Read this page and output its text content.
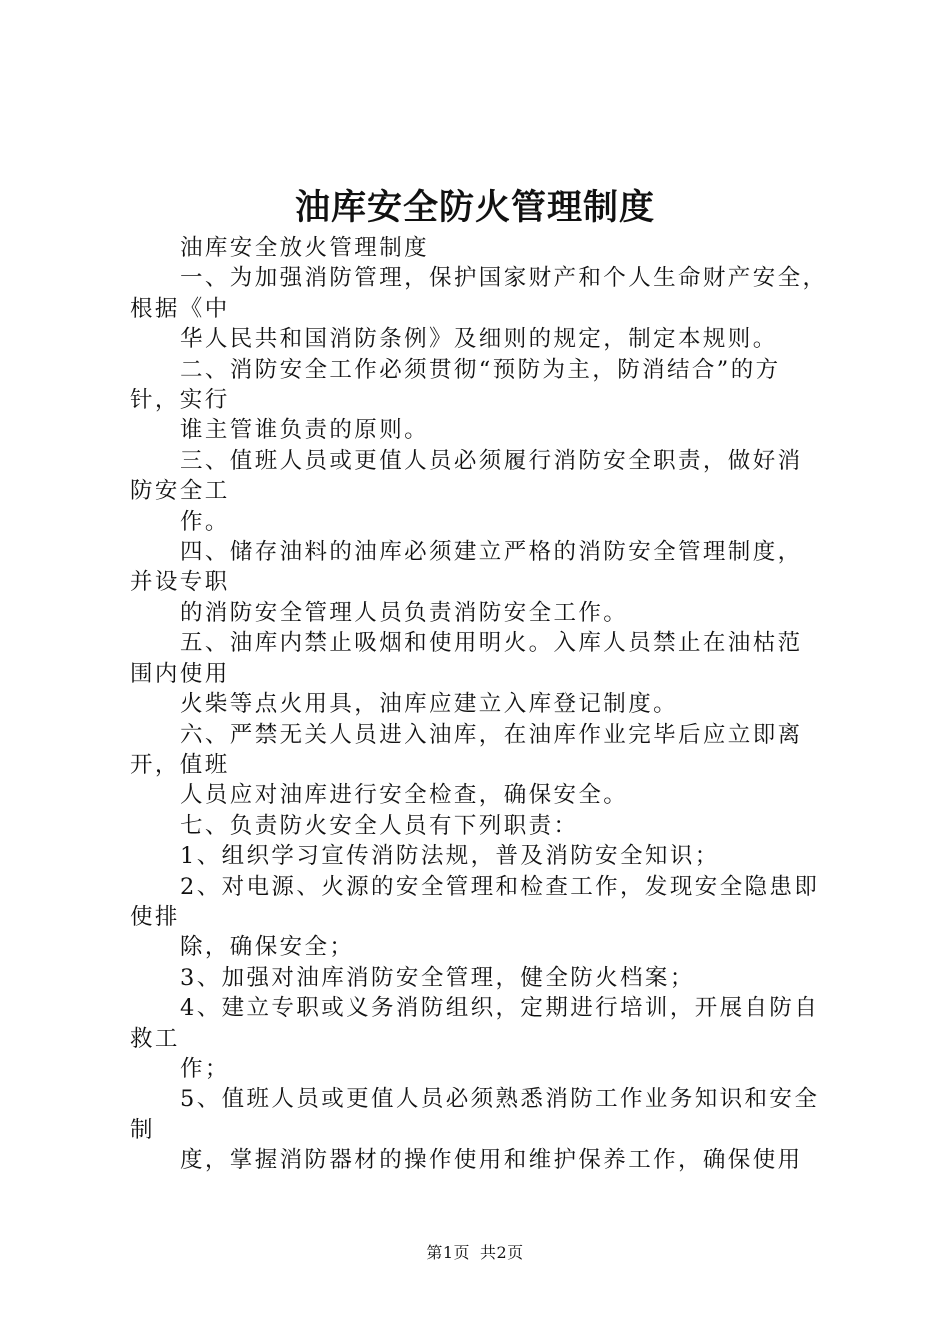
油库安全防火管理制度

油库安全放火管理制度

一、为加强消防管理，保护国家财产和个人生命财产安全，

根据《中

华人民共和国消防条例》及细则的规定，制定本规则。

二、消防安全工作必须贯彻“预防为主，防消结合”的方

针，实行

谁主管谁负责的原则。

三、值班人员或更值人员必须履行消防安全职责，做好消

防安全工

作。

四、储存油料的油库必须建立严格的消防安全管理制度，

并设专职

的消防安全管理人员负责消防安全工作。

五、油库内禁止吸烟和使用明火。入库人员禁止在油枯范

围内使用

火柴等点火用具，油库应建立入库登记制度。

六、严禁无关人员进入油库，在油库作业完毕后应立即离

开，值班

人员应对油库进行安全检查，确保安全。

七、负责防火安全人员有下列职责：

1、组织学习宣传消防法规，普及消防安全知识；

2、对电源、火源的安全管理和检查工作，发现安全隐患即

使排

除，确保安全；

3、加强对油库消防安全管理，健全防火档案；

4、建立专职或义务消防组织，定期进行培训，开展自防自

救工

作；

5、值班人员或更值人员必须熟悉消防工作业务知识和安全

制

度，掌握消防器材的操作使用和维护保养工作，确保使用

第1页 共2页
